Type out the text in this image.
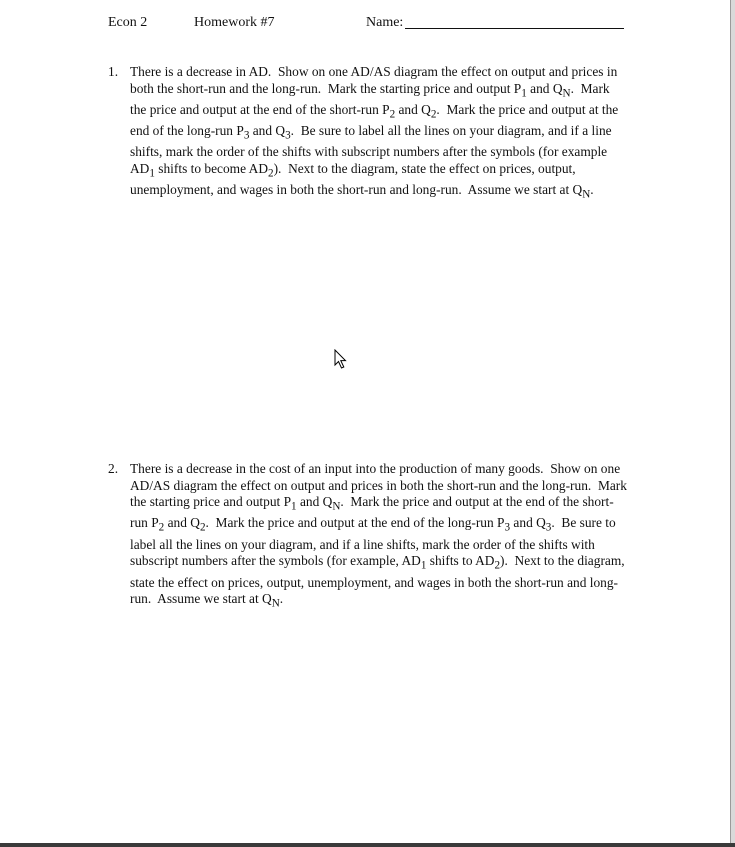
Econ 2	Homework #7	Name:
1. There is a decrease in AD.  Show on one AD/AS diagram the effect on output and prices in both the short-run and the long-run.  Mark the starting price and output $P_1$ and $Q_N$.  Mark the price and output at the end of the short-run $P_2$ and $Q_2$.  Mark the price and output at the end of the long-run $P_3$ and $Q_3$.  Be sure to label all the lines on your diagram, and if a line shifts, mark the order of the shifts with subscript numbers after the symbols (for example $AD_1$ shifts to become $AD_2$).  Next to the diagram, state the effect on prices, output, unemployment, and wages in both the short-run and long-run.  Assume we start at $Q_N$.
2. There is a decrease in the cost of an input into the production of many goods.  Show on one AD/AS diagram the effect on output and prices in both the short-run and the long-run.  Mark the starting price and output $P_1$ and $Q_N$.  Mark the price and output at the end of the short-run $P_2$ and $Q_2$.  Mark the price and output at the end of the long-run $P_3$ and $Q_3$.  Be sure to label all the lines on your diagram, and if a line shifts, mark the order of the shifts with subscript numbers after the symbols (for example, $AD_1$ shifts to $AD_2$).  Next to the diagram, state the effect on prices, output, unemployment, and wages in both the short-run and long-run.  Assume we start at $Q_N$.
